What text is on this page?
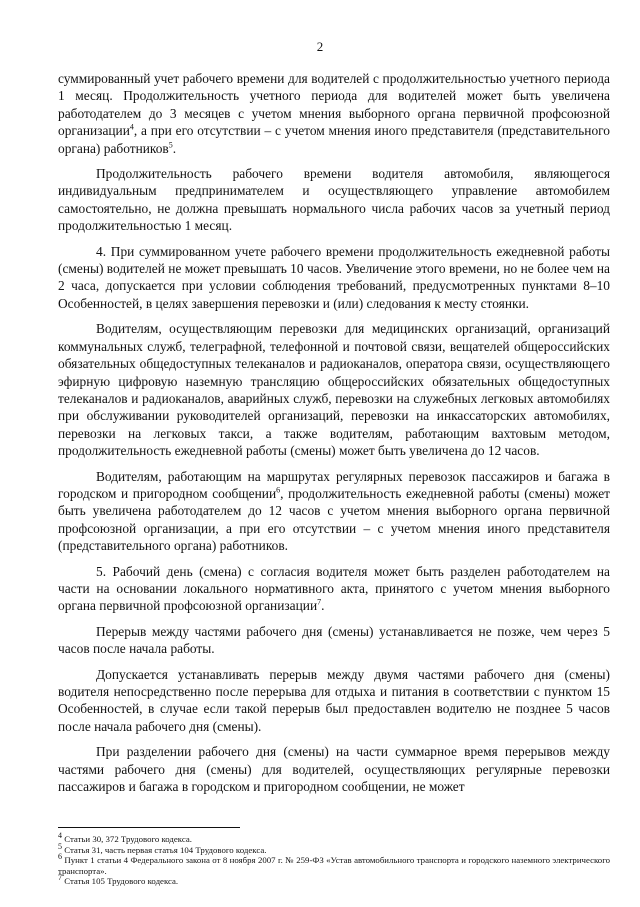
2

суммированный учет рабочего времени для водителей с продолжительностью учетного периода 1 месяц. Продолжительность учетного периода для водителей может быть увеличена работодателем до 3 месяцев с учетом мнения выборного органа первичной профсоюзной организации$^4$, а при его отсутствии – с учетом мнения иного представителя (представительного органа) работников$^5$.

Продолжительность рабочего времени водителя автомобиля, являющегося индивидуальным предпринимателем и осуществляющего управление автомобилем самостоятельно, не должна превышать нормального числа рабочих часов за учетный период продолжительностью 1 месяц.

4. При суммированном учете рабочего времени продолжительность ежедневной работы (смены) водителей не может превышать 10 часов. Увеличение этого времени, но не более чем на 2 часа, допускается при условии соблюдения требований, предусмотренных пунктами 8–10 Особенностей, в целях завершения перевозки и (или) следования к месту стоянки.

Водителям, осуществляющим перевозки для медицинских организаций, организаций коммунальных служб, телеграфной, телефонной и почтовой связи, вещателей общероссийских обязательных общедоступных телеканалов и радиоканалов, оператора связи, осуществляющего эфирную цифровую наземную трансляцию общероссийских обязательных общедоступных телеканалов и радиоканалов, аварийных служб, перевозки на служебных легковых автомобилях при обслуживании руководителей организаций, перевозки на инкассаторских автомобилях, перевозки на легковых такси, а также водителям, работающим вахтовым методом, продолжительность ежедневной работы (смены) может быть увеличена до 12 часов.

Водителям, работающим на маршрутах регулярных перевозок пассажиров и багажа в городском и пригородном сообщении$^6$, продолжительность ежедневной работы (смены) может быть увеличена работодателем до 12 часов с учетом мнения выборного органа первичной профсоюзной организации, а при его отсутствии – с учетом мнения иного представителя (представительного органа) работников.

5. Рабочий день (смена) с согласия водителя может быть разделен работодателем на части на основании локального нормативного акта, принятого с учетом мнения выборного органа первичной профсоюзной организации$^7$.

Перерыв между частями рабочего дня (смены) устанавливается не позже, чем через 5 часов после начала работы.

Допускается устанавливать перерыв между двумя частями рабочего дня (смены) водителя непосредственно после перерыва для отдыха и питания в соответствии с пунктом 15 Особенностей, в случае если такой перерыв был предоставлен водителю не позднее 5 часов после начала рабочего дня (смены).

При разделении рабочего дня (смены) на части суммарное время перерывов между частями рабочего дня (смены) для водителей, осуществляющих регулярные перевозки пассажиров и багажа в городском и пригородном сообщении, не может

$^4$ Статьи 30, 372 Трудового кодекса.
$^5$ Статья 31, часть первая статья 104 Трудового кодекса.
$^6$ Пункт 1 статьи 4 Федерального закона от 8 ноября 2007 г. № 259-ФЗ «Устав автомобильного транспорта и городского наземного электрического транспорта».
$^7$ Статья 105 Трудового кодекса.
